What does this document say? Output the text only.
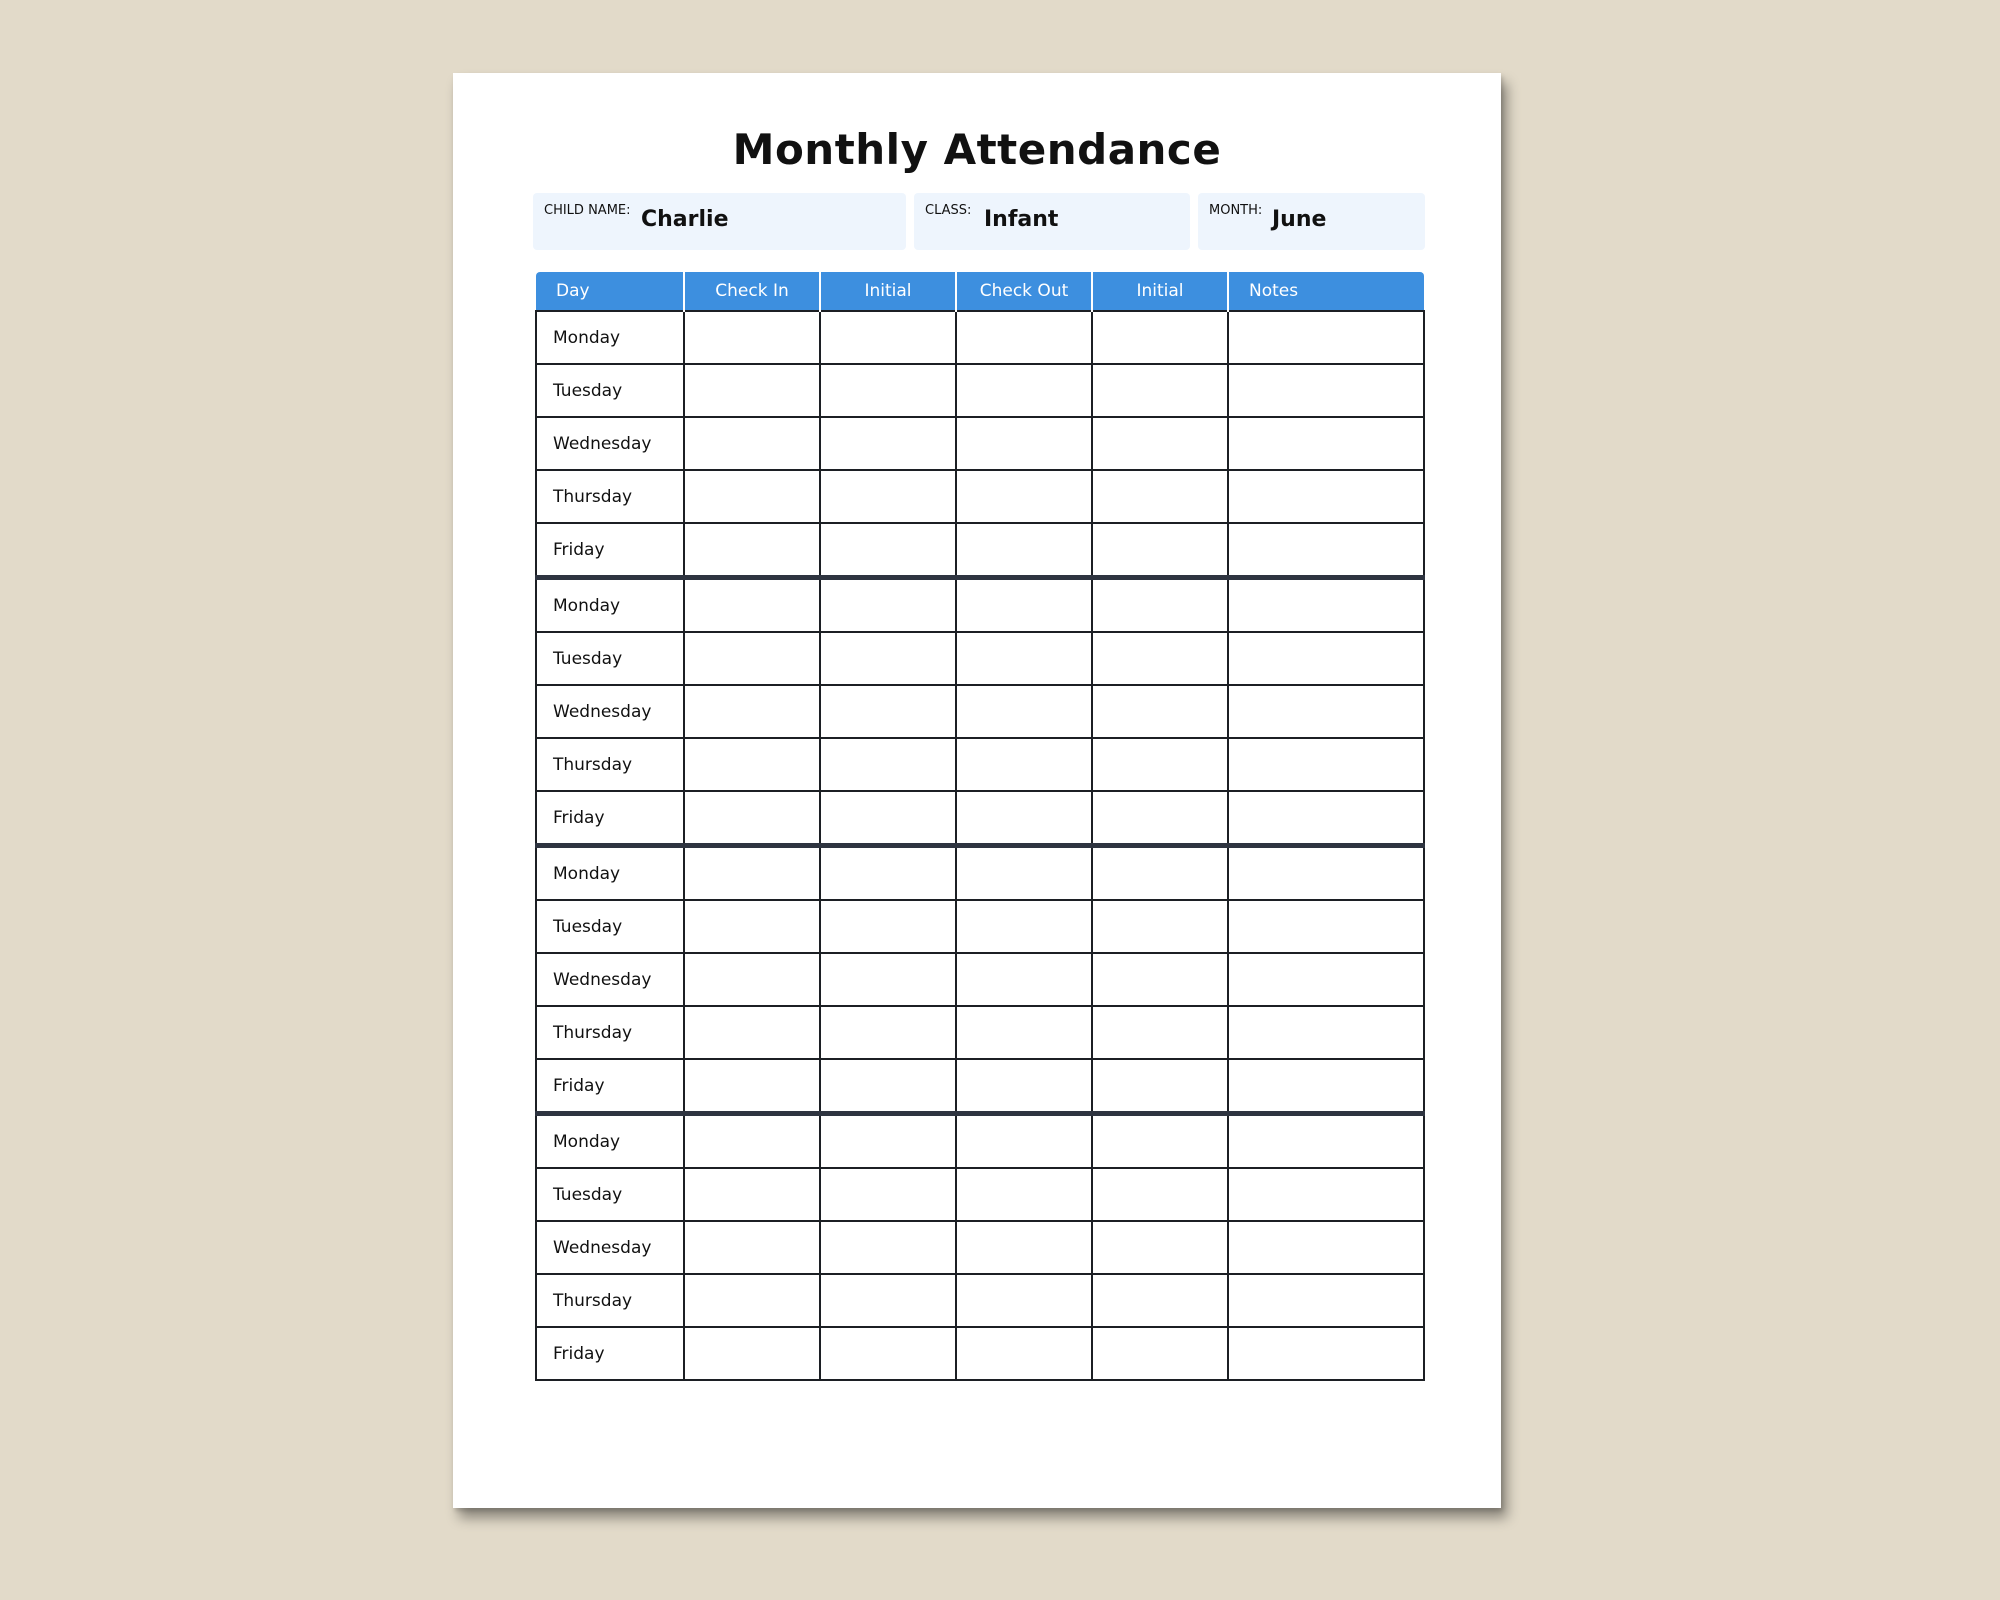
Monthly Attendance
CHILD NAME: Charlie	CLASS: Infant	MONTH: June
Day	Check In	Initial	Check Out	Initial	Notes
Monday					
Tuesday					
Wednesday					
Thursday					
Friday					
Monday					
Tuesday					
Wednesday					
Thursday					
Friday					
Monday					
Tuesday					
Wednesday					
Thursday					
Friday					
Monday					
Tuesday					
Wednesday					
Thursday					
Friday					
